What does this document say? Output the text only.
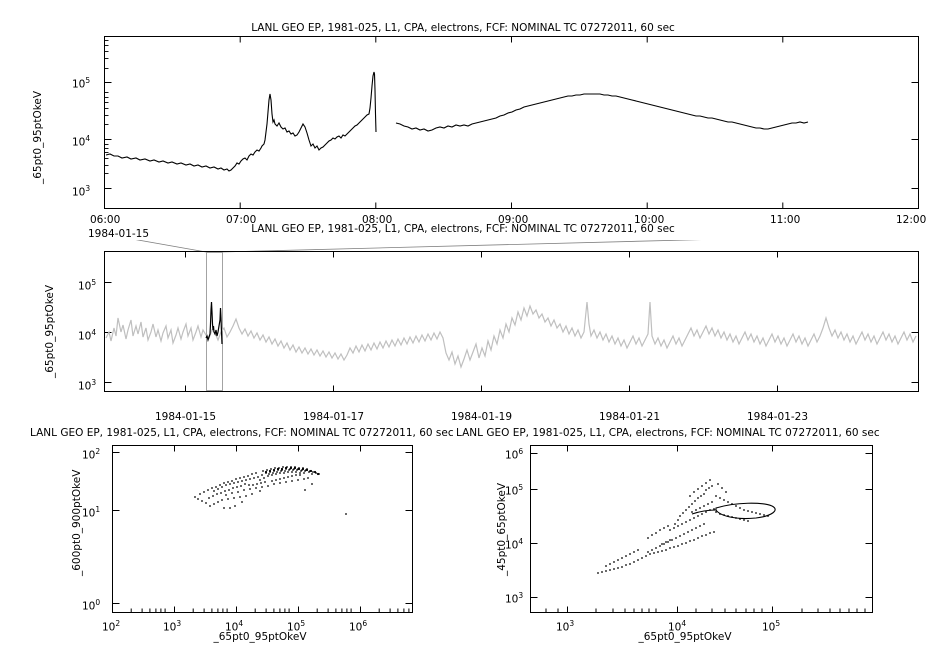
LANL GEO EP, 1981-025, L1, CPA, electrons, FCF: NOMINAL TC 07272011, 60 sec
_65pt0_95ptOkeV
$10^3$
$10^4$
$10^5$
06:00	07:00	08:00	09:00	10:00	11:00	12:00
1984-01-15	LANL GEO EP, 1981-025, L1, CPA, electrons, FCF: NOMINAL TC 07272011, 60 sec
_65pt0_95ptOkeV
$10^3$
$10^4$
$10^5$
1984-01-15	1984-01-17	1984-01-19	1984-01-21	1984-01-23
LANL GEO EP, 1981-025, L1, CPA, electrons, FCF: NOMINAL TC 07272011, 60 sec
_600pt0_900ptOkeV
_65pt0_95ptOkeV
$10^0$
$10^1$
$10^2$
$10^2$	$10^3$	$10^4$	$10^5$	$10^6$
LANL GEO EP, 1981-025, L1, CPA, electrons, FCF: NOMINAL TC 07272011, 60 sec
_45pt0_65ptOkeV
_65pt0_95ptOkeV
$10^3$
$10^4$
$10^5$
$10^6$
$10^3$	$10^4$	$10^5$
